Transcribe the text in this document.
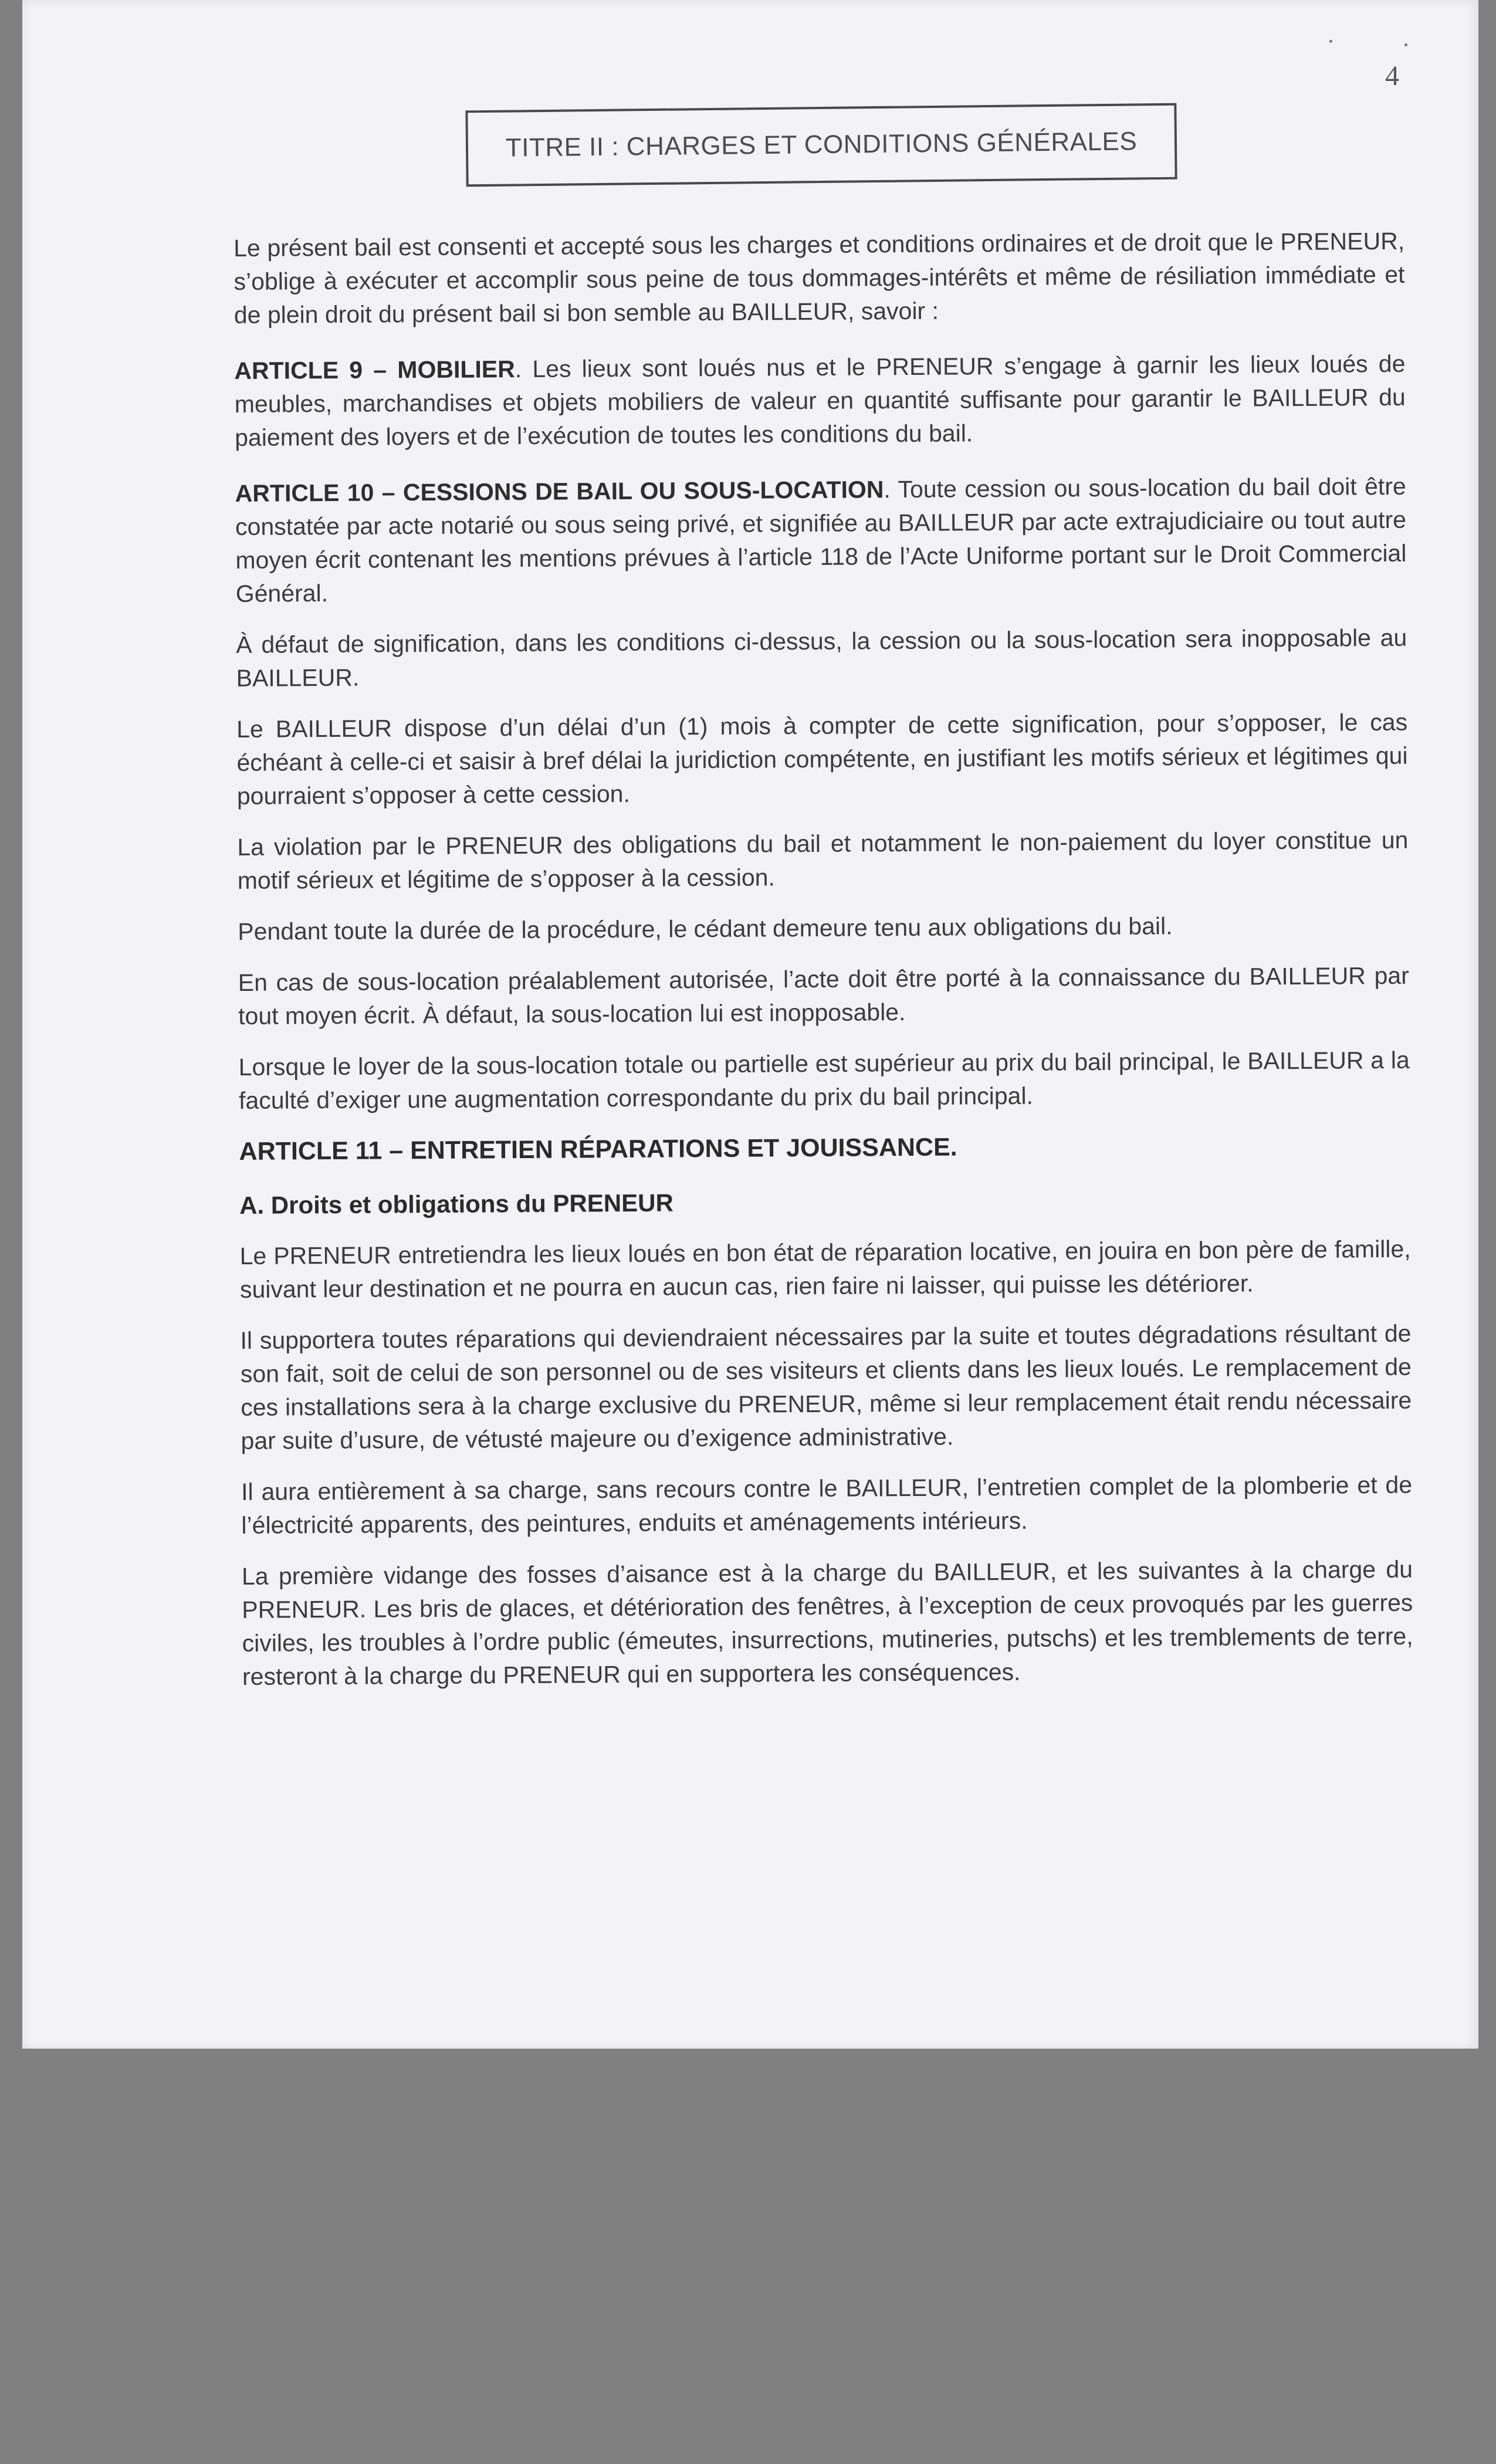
4
TITRE II : CHARGES ET CONDITIONS GÉNÉRALES

Le présent bail est consenti et accepté sous les charges et conditions ordinaires et de droit que le PRENEUR, s’oblige à exécuter et accomplir sous peine de tous dommages-intérêts et même de résiliation immédiate et de plein droit du présent bail si bon semble au BAILLEUR, savoir :

ARTICLE 9 – MOBILIER. Les lieux sont loués nus et le PRENEUR s’engage à garnir les lieux loués de meubles, marchandises et objets mobiliers de valeur en quantité suffisante pour garantir le BAILLEUR du paiement des loyers et de l’exécution de toutes les conditions du bail.

ARTICLE 10 – CESSIONS DE BAIL OU SOUS-LOCATION. Toute cession ou sous-location du bail doit être constatée par acte notarié ou sous seing privé, et signifiée au BAILLEUR par acte extrajudiciaire ou tout autre moyen écrit contenant les mentions prévues à l’article 118 de l’Acte Uniforme portant sur le Droit Commercial Général.

À défaut de signification, dans les conditions ci-dessus, la cession ou la sous-location sera inopposable au BAILLEUR.

Le BAILLEUR dispose d’un délai d’un (1) mois à compter de cette signification, pour s’opposer, le cas échéant à celle-ci et saisir à bref délai la juridiction compétente, en justifiant les motifs sérieux et légitimes qui pourraient s’opposer à cette cession.

La violation par le PRENEUR des obligations du bail et notamment le non-paiement du loyer constitue un motif sérieux et légitime de s’opposer à la cession.

Pendant toute la durée de la procédure, le cédant demeure tenu aux obligations du bail.

En cas de sous-location préalablement autorisée, l’acte doit être porté à la connaissance du BAILLEUR par tout moyen écrit. À défaut, la sous-location lui est inopposable.

Lorsque le loyer de la sous-location totale ou partielle est supérieur au prix du bail principal, le BAILLEUR a la faculté d’exiger une augmentation correspondante du prix du bail principal.

ARTICLE 11 – ENTRETIEN RÉPARATIONS ET JOUISSANCE.
A. Droits et obligations du PRENEUR

Le PRENEUR entretiendra les lieux loués en bon état de réparation locative, en jouira en bon père de famille, suivant leur destination et ne pourra en aucun cas, rien faire ni laisser, qui puisse les détériorer.

Il supportera toutes réparations qui deviendraient nécessaires par la suite et toutes dégradations résultant de son fait, soit de celui de son personnel ou de ses visiteurs et clients dans les lieux loués. Le remplacement de ces installations sera à la charge exclusive du PRENEUR, même si leur remplacement était rendu nécessaire par suite d’usure, de vétusté majeure ou d’exigence administrative.

Il aura entièrement à sa charge, sans recours contre le BAILLEUR, l’entretien complet de la plomberie et de l’électricité apparents, des peintures, enduits et aménagements intérieurs.

La première vidange des fosses d’aisance est à la charge du BAILLEUR, et les suivantes à la charge du PRENEUR. Les bris de glaces, et détérioration des fenêtres, à l’exception de ceux provoqués par les guerres civiles, les troubles à l’ordre public (émeutes, insurrections, mutineries, putschs) et les tremblements de terre, resteront à la charge du PRENEUR qui en supportera les conséquences.
